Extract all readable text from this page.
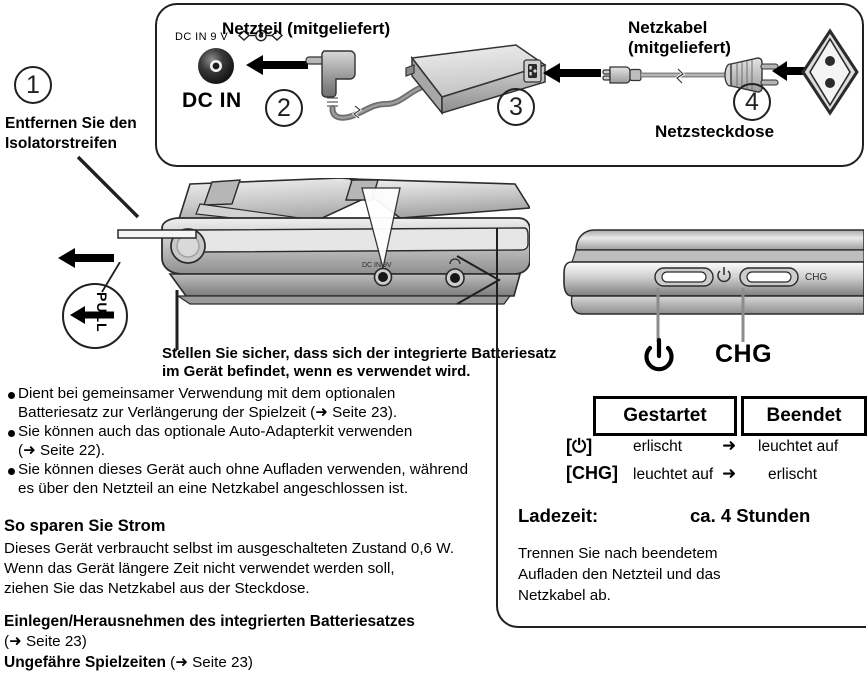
1
Entfernen Sie den
Isolatorstreifen
DC IN 9 V
DC IN 2
Netzteil (mitgeliefert)
3
Netzkabel
(mitgeliefert)
4
Netzsteckdose
DC IN 9V
PULL
Stellen Sie sicher, dass sich der integrierte Batteriesatz
im Gerät befindet, wenn es verwendet wird.
Dient bei gemeinsamer Verwendung mit dem optionalen
Batteriesatz zur Verlängerung der Spielzeit (➜ Seite 23).
Sie können auch das optionale Auto-Adapterkit verwenden
(➜ Seite 22).
Sie können dieses Gerät auch ohne Aufladen verwenden, während
es über den Netzteil an eine Netzkabel angeschlossen ist.
So sparen Sie Strom
Dieses Gerät verbraucht selbst im ausgeschalteten Zustand 0,6 W.
Wenn das Gerät längere Zeit nicht verwendet werden soll,
ziehen Sie das Netzkabel aus der Steckdose.
Einlegen/Herausnehmen des integrierten Batteriesatzes
(➜ Seite 23)
Ungefähre Spielzeiten (➜ Seite 23)
CHG
CHG
Gestartet	Beendet
[⏻]	erlischt ➜ leuchtet auf
[CHG] leuchtet auf ➜ erlischt
Ladezeit:	ca. 4 Stunden
Trennen Sie nach beendetem
Aufladen den Netzteil und das
Netzkabel ab.
